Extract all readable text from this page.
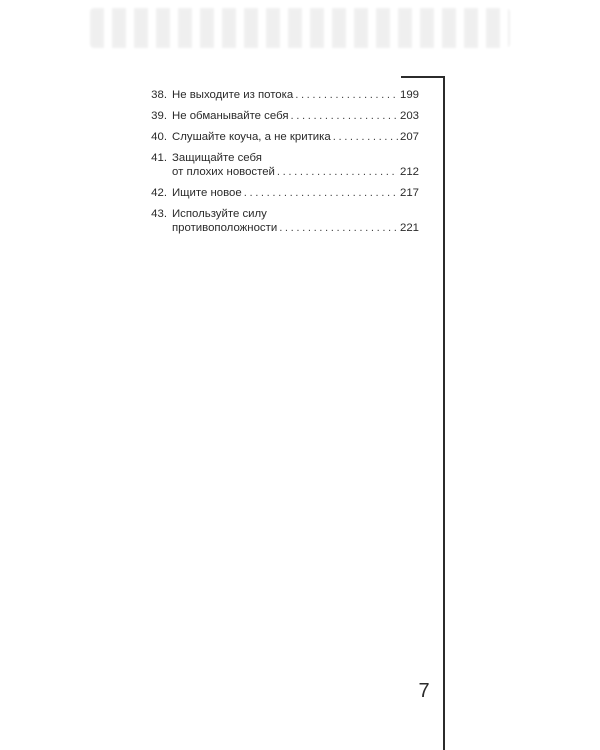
38. Не выходите из потока . . .	199
39. Не обманывайте себя . . .	203
40. Слушайте коуча, а не критика . . .	207
41. Защищайте себя
от плохих новостей . . .	212
42. Ищите новое . . .	217
43. Используйте силу
противоположности . . .	221
7
